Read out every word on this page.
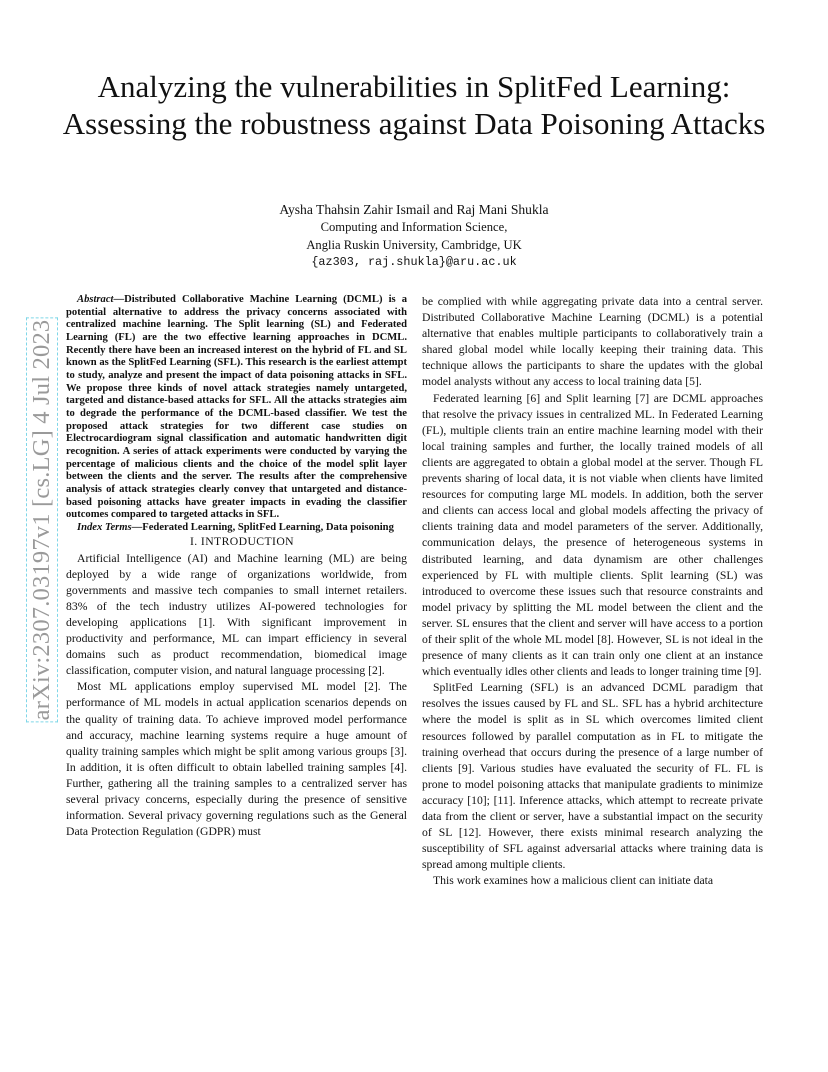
Analyzing the vulnerabilities in SplitFed Learning: Assessing the robustness against Data Poisoning Attacks
Aysha Thahsin Zahir Ismail and Raj Mani Shukla
Computing and Information Science,
Anglia Ruskin University, Cambridge, UK
{az303, raj.shukla}@aru.ac.uk
arXiv:2307.03197v1 [cs.LG] 4 Jul 2023

Abstract—Distributed Collaborative Machine Learning (DCML) is a potential alternative to address the privacy concerns associated with centralized machine learning. The Split learning (SL) and Federated Learning (FL) are the two effective learning approaches in DCML. Recently there have been an increased interest on the hybrid of FL and SL known as the SplitFed Learning (SFL). This research is the earliest attempt to study, analyze and present the impact of data poisoning attacks in SFL. We propose three kinds of novel attack strategies namely untargeted, targeted and distance-based attacks for SFL. All the attacks strategies aim to degrade the performance of the DCML-based classifier. We test the proposed attack strategies for two different case studies on Electrocardiogram signal classification and automatic handwritten digit recognition. A series of attack experiments were conducted by varying the percentage of malicious clients and the choice of the model split layer between the clients and the server. The results after the comprehensive analysis of attack strategies clearly convey that untargeted and distance-based poisoning attacks have greater impacts in evading the classifier outcomes compared to targeted attacks in SFL.

Index Terms—Federated Learning, SplitFed Learning, Data poisoning

I. INTRODUCTION

Artificial Intelligence (AI) and Machine learning (ML) are being deployed by a wide range of organizations worldwide, from governments and massive tech companies to small internet retailers. 83% of the tech industry utilizes AI-powered technologies for developing applications [1]. With significant improvement in productivity and performance, ML can impart efficiency in several domains such as product recommendation, biomedical image classification, computer vision, and natural language processing [2].

Most ML applications employ supervised ML model [2]. The performance of ML models in actual application scenarios depends on the quality of training data. To achieve improved model performance and accuracy, machine learning systems require a huge amount of quality training samples which might be split among various groups [3]. In addition, it is often difficult to obtain labelled training samples [4]. Further, gathering all the training samples to a centralized server has several privacy concerns, especially during the presence of sensitive information. Several privacy governing regulations such as the General Data Protection Regulation (GDPR) must

be complied with while aggregating private data into a central server. Distributed Collaborative Machine Learning (DCML) is a potential alternative that enables multiple participants to collaboratively train a shared global model while locally keeping their training data. This technique allows the participants to share the updates with the global model analysts without any access to local training data [5].

Federated learning [6] and Split learning [7] are DCML approaches that resolve the privacy issues in centralized ML. In Federated Learning (FL), multiple clients train an entire machine learning model with their local training samples and further, the locally trained models of all clients are aggregated to obtain a global model at the server. Though FL prevents sharing of local data, it is not viable when clients have limited resources for computing large ML models. In addition, both the server and clients can access local and global models affecting the privacy of clients training data and model parameters of the server. Additionally, communication delays, the presence of heterogeneous systems in distributed learning, and data dynamism are other challenges experienced by FL with multiple clients. Split learning (SL) was introduced to overcome these issues such that resource constraints and model privacy by splitting the ML model between the client and the server. SL ensures that the client and server will have access to a portion of their split of the whole ML model [8]. However, SL is not ideal in the presence of many clients as it can train only one client at an instance which eventually idles other clients and leads to longer training time [9].

SplitFed Learning (SFL) is an advanced DCML paradigm that resolves the issues caused by FL and SL. SFL has a hybrid architecture where the model is split as in SL which overcomes limited client resources followed by parallel computation as in FL to mitigate the training overhead that occurs during the presence of a large number of clients [9]. Various studies have evaluated the security of FL. FL is prone to model poisoning attacks that manipulate gradients to minimize accuracy [10]; [11]. Inference attacks, which attempt to recreate private data from the client or server, have a substantial impact on the security of SL [12]. However, there exists minimal research analyzing the susceptibility of SFL against adversarial attacks where training data is spread among multiple clients.

This work examines how a malicious client can initiate data
